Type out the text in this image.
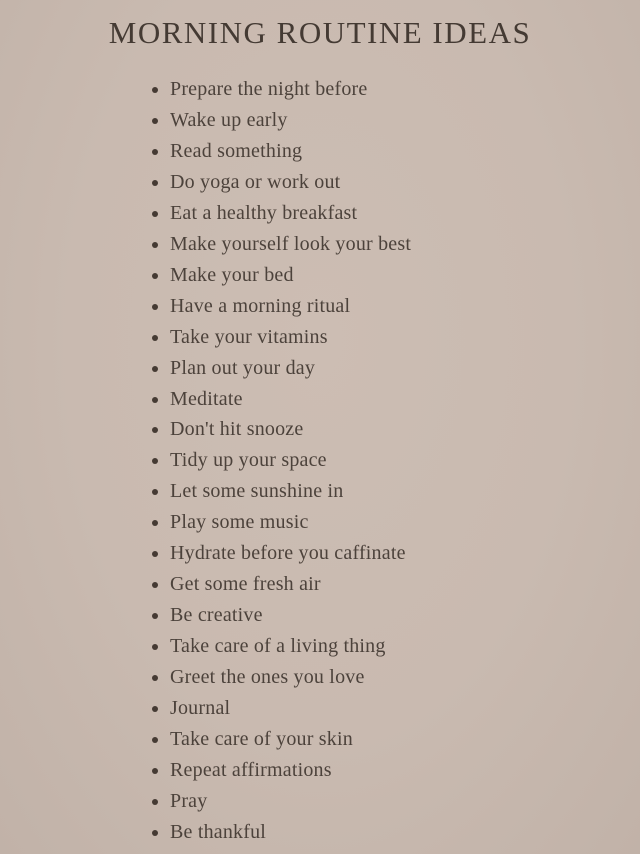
MORNING ROUTINE IDEAS
Prepare the night before
Wake up early
Read something
Do yoga or work out
Eat a healthy breakfast
Make yourself look your best
Make your bed
Have a morning ritual
Take your vitamins
Plan out your day
Meditate
Don't hit snooze
Tidy up your space
Let some sunshine in
Play some music
Hydrate before you caffinate
Get some fresh air
Be creative
Take care of a living thing
Greet the ones you love
Journal
Take care of your skin
Repeat affirmations
Pray
Be thankful
